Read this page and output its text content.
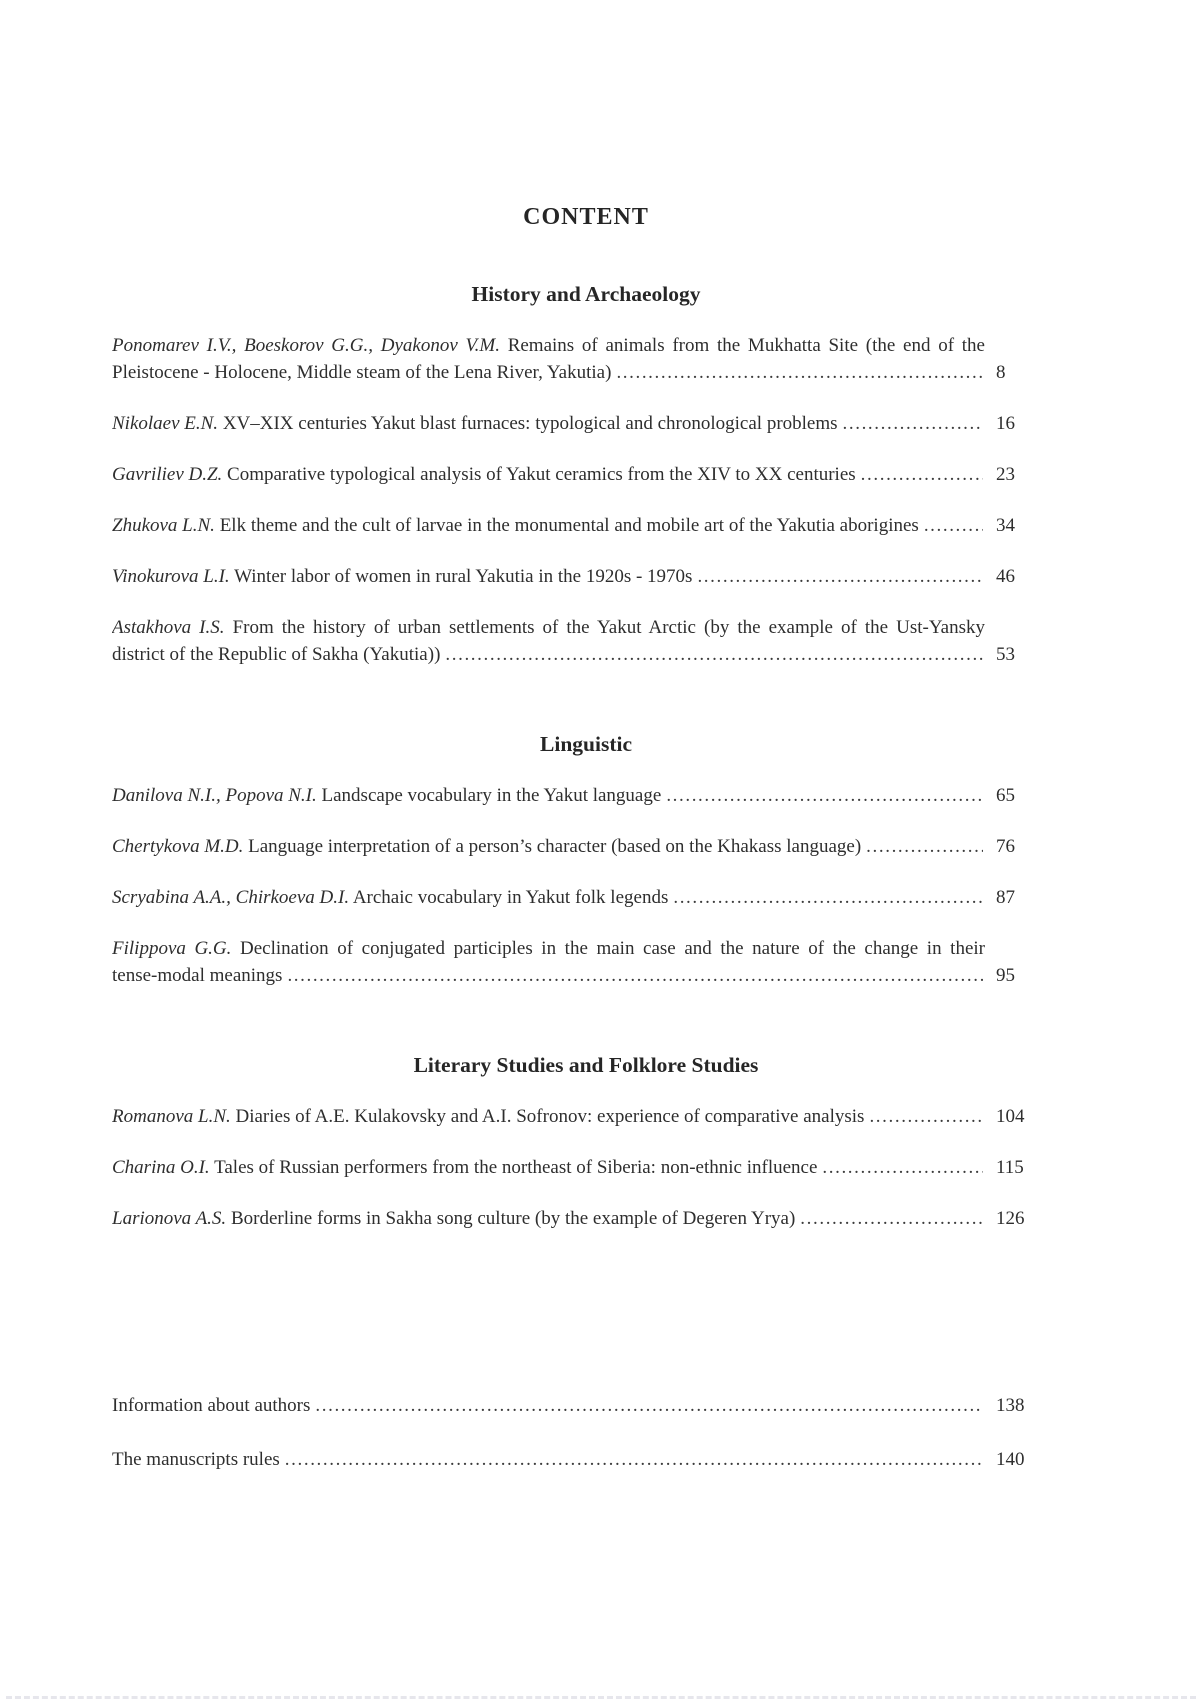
CONTENT
History and Archaeology
Ponomarev I.V., Boeskorov G.G., Dyakonov V.M. Remains of animals from the Mukhatta Site (the end of the
Pleistocene - Holocene, Middle steam of the Lena River, Yakutia) .....	8
Nikolaev E.N. XV–XIX centuries Yakut blast furnaces: typological and chronological problems .....	16
Gavriliev D.Z. Comparative typological analysis of Yakut ceramics from the XIV to XX centuries .....	23
Zhukova L.N. Elk theme and the cult of larvae in the monumental and mobile art of the Yakutia aborigines .....	34
Vinokurova L.I. Winter labor of women in rural Yakutia in the 1920s - 1970s .....	46
Astakhova I.S. From the history of urban settlements of the Yakut Arctic (by the example of the Ust-Yansky
district of the Republic of Sakha (Yakutia)) .....	53
Linguistic
Danilova N.I., Popova N.I. Landscape vocabulary in the Yakut language .....	65
Chertykova M.D. Language interpretation of a person’s character (based on the Khakass language) .....	76
Scryabina A.A., Chirkoeva D.I. Archaic vocabulary in Yakut folk legends .....	87
Filippova G.G. Declination of conjugated participles in the main case and the nature of the change in their
tense-modal meanings .....	95
Literary Studies and Folklore Studies
Romanova L.N. Diaries of A.E. Kulakovsky and A.I. Sofronov: experience of comparative analysis .....	104
Charina O.I. Tales of Russian performers from the northeast of Siberia: non-ethnic influence .....	115
Larionova A.S. Borderline forms in Sakha song culture (by the example of Degeren Yrya) .....	126
Information about authors .....	138
The manuscripts rules .....	140
